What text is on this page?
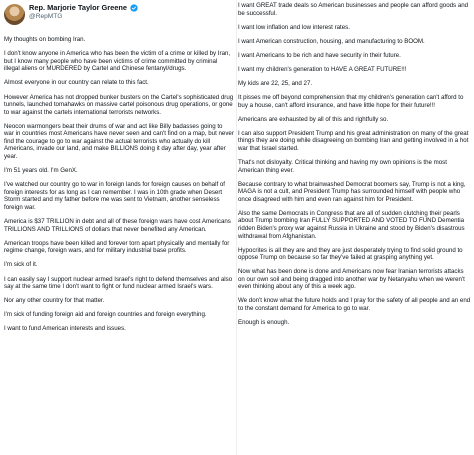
Rep. Marjorie Taylor Greene
@RepMTG

My thoughts on bombing Iran.

I don't know anyone in America who has been the victim of a crime or killed by Iran, but I know many people who have been victims of crime committed by criminal illegal aliens or MURDERED by Cartel and Chinese fentanyl/drugs.

Almost everyone in our country can relate to this fact.

However America has not dropped bunker busters on the Cartel's sophisticated drug tunnels, launched tomahawks on massive cartel poisonous drug operations, or gone to war against the cartels international terrorists networks.

Neocon warmongers beat their drums of war and act like Billy badasses going to war in countries most Americans have never seen and can't find on a map, but never find the courage to go to war against the actual terrorists who actually do kill Americans, invade our land, and make BILLIONS doing it day after day, year after year.

I'm 51 years old. I'm GenX.

I've watched our country go to war in foreign lands for foreign causes on behalf of foreign interests for as long as I can remember. I was in 10th grade when Desert Storm started and my father before me was sent to Vietnam, another senseless foreign war.

America is $37 TRILLION in debt and all of these foreign wars have cost Americans TRILLIONS AND TRILLIONS of dollars that never benefited any American.

American troops have been killed and forever torn apart physically and mentally for regime change, foreign wars, and for military industrial base profits.

I'm sick of it.

I can easily say I support nuclear armed Israel's right to defend themselves and also say at the same time I don't want to fight or fund nuclear armed Israel's wars.

Nor any other country for that matter.

I'm sick of funding foreign aid and foreign countries and foreign everything.

I want to fund American interests and issues.

I want GREAT trade deals so American businesses and people can afford goods and be successful.

I want low inflation and low interest rates.

I want American construction, housing, and manufacturing to BOOM.

I want Americans to be rich and have security in their future.

I want my children's generation to HAVE A GREAT FUTURE!!!

My kids are 22, 25, and 27.

It pisses me off beyond comprehension that my children's generation can't afford to buy a house, can't afford insurance, and have little hope for their future!!!

Americans are exhausted by all of this and rightfully so.

I can also support President Trump and his great administration on many of the great things they are doing while disagreeing on bombing Iran and getting involved in a hot war that Israel started.

That's not disloyalty. Critical thinking and having my own opinions is the most American thing ever.

Because contrary to what brainwashed Democrat boomers say, Trump is not a king, MAGA is not a cult, and President Trump has surrounded himself with people who once disagreed with him and even ran against him for President.

Also the same Democrats in Congress that are all of sudden clutching their pearls about Trump bombing Iran FULLY SUPPORTED AND VOTED TO FUND Dementia ridden Biden's proxy war against Russia in Ukraine and stood by Biden's disastrous withdrawal from Afghanistan.

Hypocrites is all they are and they are just desperately trying to find solid ground to oppose Trump on because so far they've failed at grasping anything yet.

Now what has been done is done and Americans now fear Iranian terrorists attacks on our own soil and being dragged into another war by Netanyahu when we weren't even thinking about any of this a week ago.

We don't know what the future holds and I pray for the safety of all people and an end to the constant demand for America to go to war.

Enough is enough.
